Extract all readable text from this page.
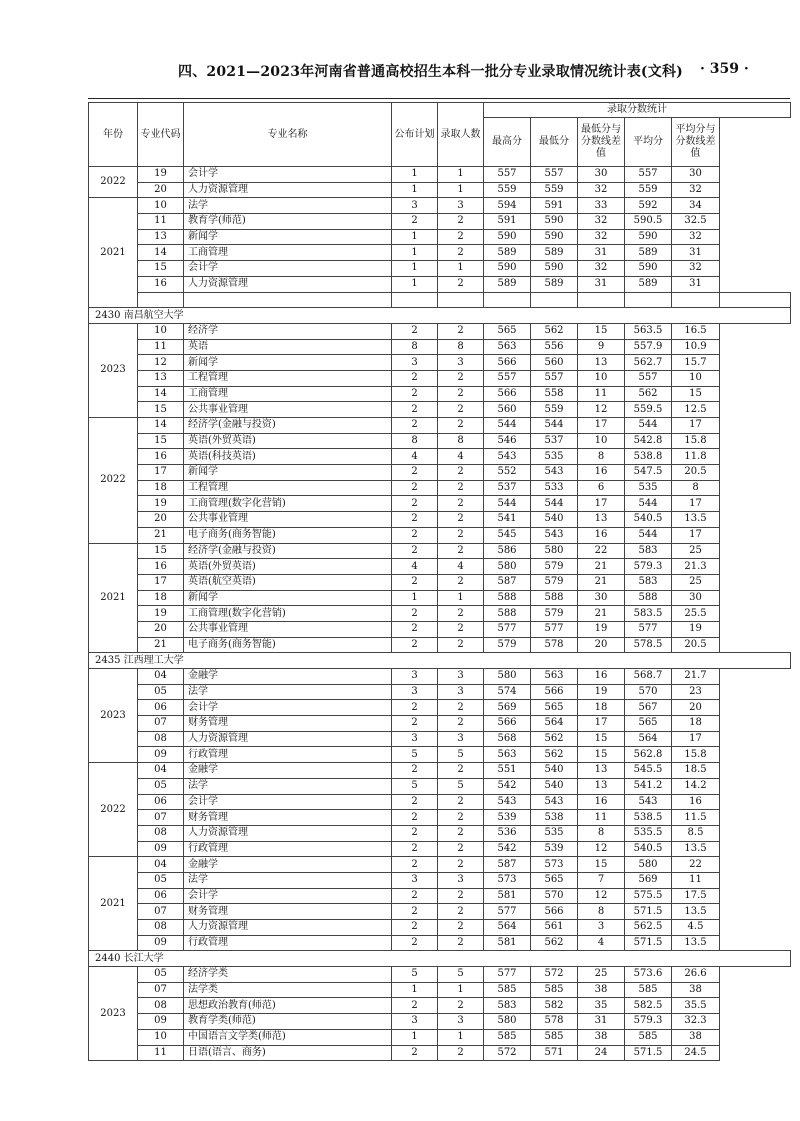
四、2021—2023年河南省普通高校招生本科一批分专业录取情况统计表(文科) · 359 ·
年份	专业代码	专业名称	公布计划	录取人数	录取分数统计					
					最高分	最低分	最低分与分数线差值	平均分	平均分与分数线差值	
2022	19	会计学	1	1	557	557	30	557	30	
	20	人力资源管理	1	1	559	559	32	559	32	
2021	10	法学	3	3	594	591	33	592	34	
	11	教育学(师范)	2	2	591	590	32	590.5	32.5	
	13	新闻学	1	2	590	590	32	590	32	
	14	工商管理	1	2	589	589	31	589	31	
	15	会计学	1	1	590	590	32	590	32	
	16	人力资源管理	1	2	589	589	31	589	31	

2430 南昌航空大学										
2023	10	经济学	2	2	565	562	15	563.5	16.5	
	11	英语	8	8	563	556	9	557.9	10.9	
	12	新闻学	3	3	566	560	13	562.7	15.7	
	13	工程管理	2	2	557	557	10	557	10	
	14	工商管理	2	2	566	558	11	562	15	
	15	公共事业管理	2	2	560	559	12	559.5	12.5	
2022	14	经济学(金融与投资)	2	2	544	544	17	544	17	
	15	英语(外贸英语)	8	8	546	537	10	542.8	15.8	
	16	英语(科技英语)	4	4	543	535	8	538.8	11.8	
	17	新闻学	2	2	552	543	16	547.5	20.5	
	18	工程管理	2	2	537	533	6	535	8	
	19	工商管理(数字化营销)	2	2	544	544	17	544	17	
	20	公共事业管理	2	2	541	540	13	540.5	13.5	
	21	电子商务(商务智能)	2	2	545	543	16	544	17	
2021	15	经济学(金融与投资)	2	2	586	580	22	583	25	
	16	英语(外贸英语)	4	4	580	579	21	579.3	21.3	
	17	英语(航空英语)	2	2	587	579	21	583	25	
	18	新闻学	1	1	588	588	30	588	30	
	19	工商管理(数字化营销)	2	2	588	579	21	583.5	25.5	
	20	公共事业管理	2	2	577	577	19	577	19	
	21	电子商务(商务智能)	2	2	579	578	20	578.5	20.5	
2435 江西理工大学										
2023	04	金融学	3	3	580	563	16	568.7	21.7	
	05	法学	3	3	574	566	19	570	23	
	06	会计学	2	2	569	565	18	567	20	
	07	财务管理	2	2	566	564	17	565	18	
	08	人力资源管理	3	3	568	562	15	564	17	
	09	行政管理	5	5	563	562	15	562.8	15.8	
2022	04	金融学	2	2	551	540	13	545.5	18.5	
	05	法学	5	5	542	540	13	541.2	14.2	
	06	会计学	2	2	543	543	16	543	16	
	07	财务管理	2	2	539	538	11	538.5	11.5	
	08	人力资源管理	2	2	536	535	8	535.5	8.5	
	09	行政管理	2	2	542	539	12	540.5	13.5	
2021	04	金融学	2	2	587	573	15	580	22	
	05	法学	3	3	573	565	7	569	11	
	06	会计学	2	2	581	570	12	575.5	17.5	
	07	财务管理	2	2	577	566	8	571.5	13.5	
	08	人力资源管理	2	2	564	561	3	562.5	4.5	
	09	行政管理	2	2	581	562	4	571.5	13.5	
2440 长江大学										
2023	05	经济学类	5	5	577	572	25	573.6	26.6	
	07	法学类	1	1	585	585	38	585	38	
	08	思想政治教育(师范)	2	2	583	582	35	582.5	35.5	
	09	教育学类(师范)	3	3	580	578	31	579.3	32.3	
	10	中国语言文学类(师范)	1	1	585	585	38	585	38	
	11	日语(语言、商务)	2	2	572	571	24	571.5	24.5	
